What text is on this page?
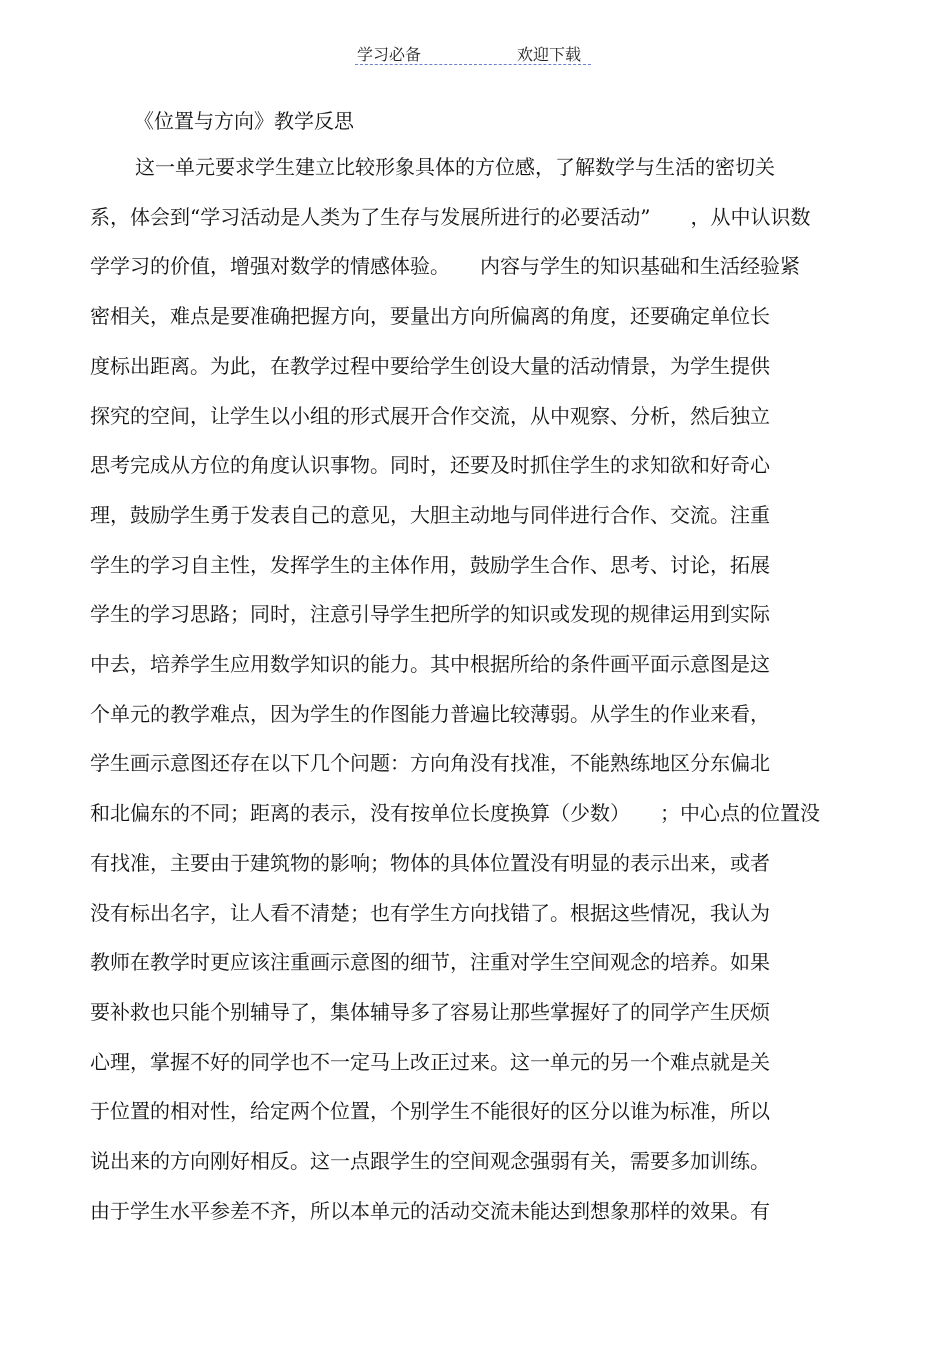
学习必备	欢迎下载
《位置与方向》教学反思
这一单元要求学生建立比较形象具体的方位感，了解数学与生活的密切关
系，体会到“学习活动是人类为了生存与发展所进行的必要活动”　　，从中认识数
学学习的价值，增强对数学的情感体验。　　内容与学生的知识基础和生活经验紧
密相关，难点是要准确把握方向，要量出方向所偏离的角度，还要确定单位长
度标出距离。为此，在教学过程中要给学生创设大量的活动情景，为学生提供
探究的空间，让学生以小组的形式展开合作交流，从中观察、分析，然后独立
思考完成从方位的角度认识事物。同时，还要及时抓住学生的求知欲和好奇心
理，鼓励学生勇于发表自己的意见，大胆主动地与同伴进行合作、交流。注重
学生的学习自主性，发挥学生的主体作用，鼓励学生合作、思考、讨论，拓展
学生的学习思路；同时，注意引导学生把所学的知识或发现的规律运用到实际
中去，培养学生应用数学知识的能力。其中根据所给的条件画平面示意图是这
个单元的教学难点，因为学生的作图能力普遍比较薄弱。从学生的作业来看，
学生画示意图还存在以下几个问题：方向角没有找准，不能熟练地区分东偏北
和北偏东的不同；距离的表示，没有按单位长度换算（少数）　　；中心点的位置没
有找准，主要由于建筑物的影响；物体的具体位置没有明显的表示出来，或者
没有标出名字，让人看不清楚；也有学生方向找错了。根据这些情况，我认为
教师在教学时更应该注重画示意图的细节，注重对学生空间观念的培养。如果
要补救也只能个别辅导了，集体辅导多了容易让那些掌握好了的同学产生厌烦
心理，掌握不好的同学也不一定马上改正过来。这一单元的另一个难点就是关
于位置的相对性，给定两个位置，个别学生不能很好的区分以谁为标准，所以
说出来的方向刚好相反。这一点跟学生的空间观念强弱有关，需要多加训练。
由于学生水平参差不齐，所以本单元的活动交流未能达到想象那样的效果。有
